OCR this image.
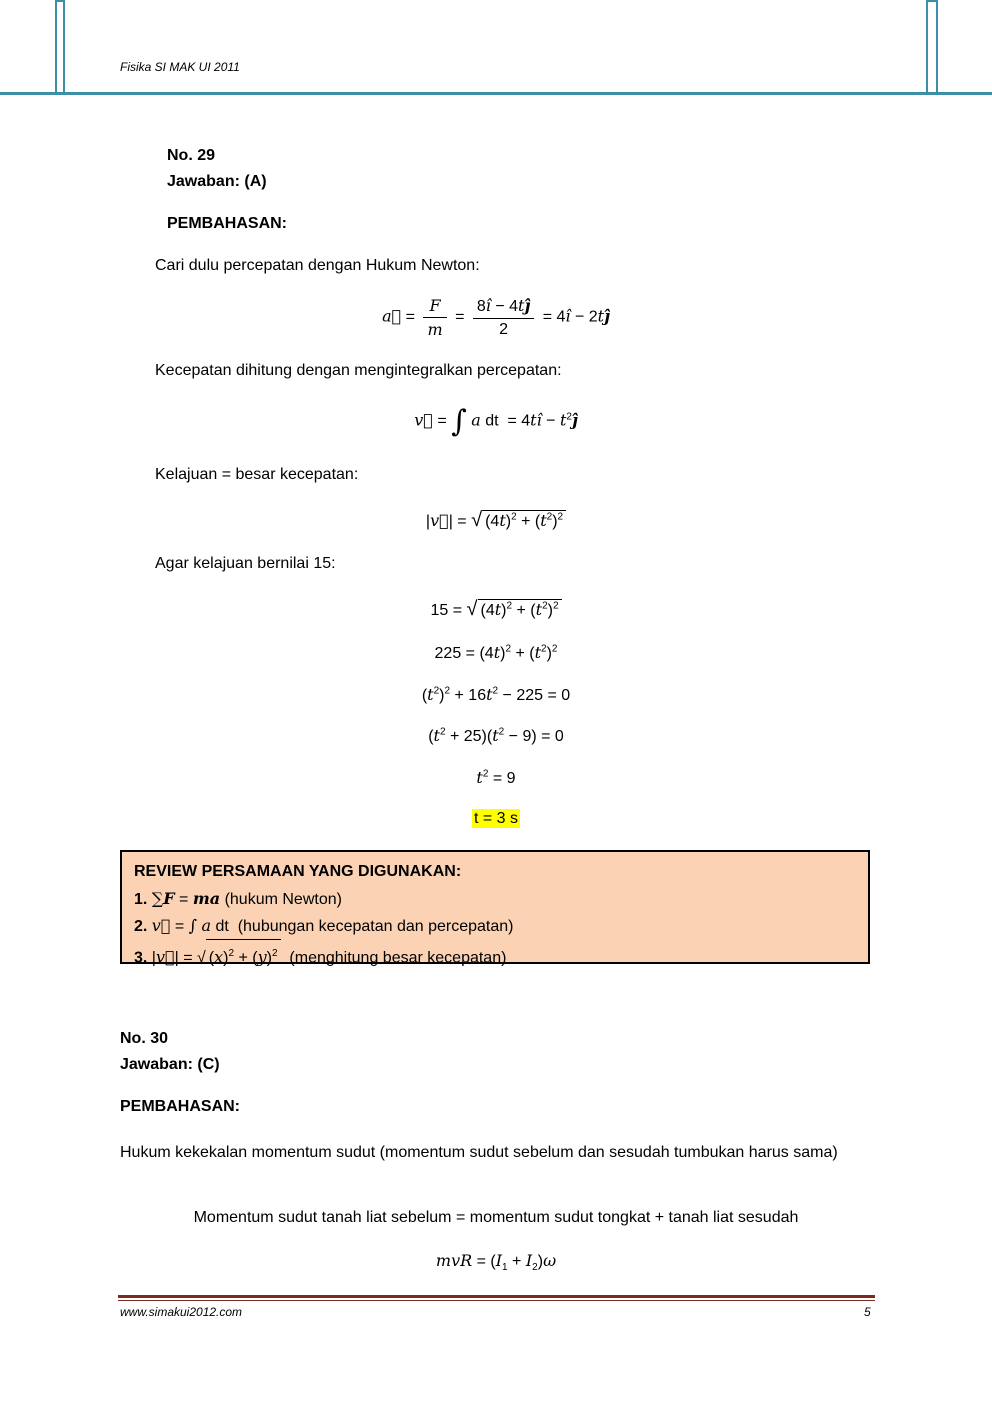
Fisika SI MAK UI 2011
No. 29
Jawaban: (A)
PEMBAHASAN:
Cari dulu percepatan dengan Hukum Newton:
a⃗ = $\frac{F}{m} = \frac{8î - 4tĵ}{2}$ = 4î − 2tĵ
Kecepatan dihitung dengan mengintegralkan percepatan:
v⃗ = ∫ a dt  = 4tî − $t^2ĵ$
Kelajuan = besar kecepatan:
|v⃗| = √ $(4t)^2 + (t^2)^2$
Agar kelajuan bernilai 15:
15 = √ $(4t)^2 + (t^2)^2$
$225 = (4t)^2 + (t^2)^2$
$(t^2)^2 + 16t^2 - 225 = 0$
$(t^2 + 25)(t^2 - 9) = 0$
$t^2 = 9$
t = 3 s
REVIEW PERSAMAAN YANG DIGUNAKAN:
1. ∑F = ma (hukum Newton)
2. v⃗ = ∫ a dt  (hubungan kecepatan dan percepatan)
3. |v⃗| = √ $(x)^2 + (y)^2$ (menghitung besar kecepatan)
No. 30
Jawaban: (C)
PEMBAHASAN:
Hukum kekekalan momentum sudut (momentum sudut sebelum dan sesudah tumbukan harus sama)
Momentum sudut tanah liat sebelum = momentum sudut tongkat + tanah liat sesudah
mvR = $(I_1 + I_2)\omega$
www.simakui2012.com	5
